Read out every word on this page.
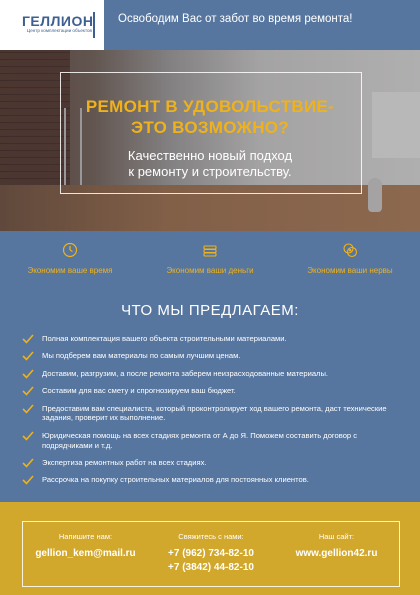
ГЕЛЛИОН
Центр комплектации объектов
Освободим Вас от забот во время ремонта!
РЕМОНТ В УДОВОЛЬСТВИЕ-
ЭТО ВОЗМОЖНО?
Качественно новый подход
к ремонту и строительству.
Экономим ваше время	Экономим ваши деньги	Экономим ваши нервы
ЧТО МЫ ПРЕДЛАГАЕМ:
Полная комплектация вашего объекта строительными материалами.
Мы подберем вам материалы по самым лучшим ценам.
Доставим, разгрузим, а после ремонта заберем неизрасходованные материалы.
Составим для вас смету и спрогнозируем ваш бюджет.
Предоставим вам специалиста, который проконтролирует ход вашего ремонта, даст технические задания, проверит их выполнение.
Юридическая помощь на всех стадиях ремонта от А до Я. Поможем составить договор с подрядчиками и т.д.
Экспертиза ремонтных работ на всех стадиях.
Рассрочка на покупку строительных материалов для постоянных клиентов.
Напишите нам:
gellion_kem@mail.ru
Свяжитесь с нами:
+7 (962) 734-82-10
+7 (3842) 44-82-10
Наш сайт:
www.gellion42.ru
